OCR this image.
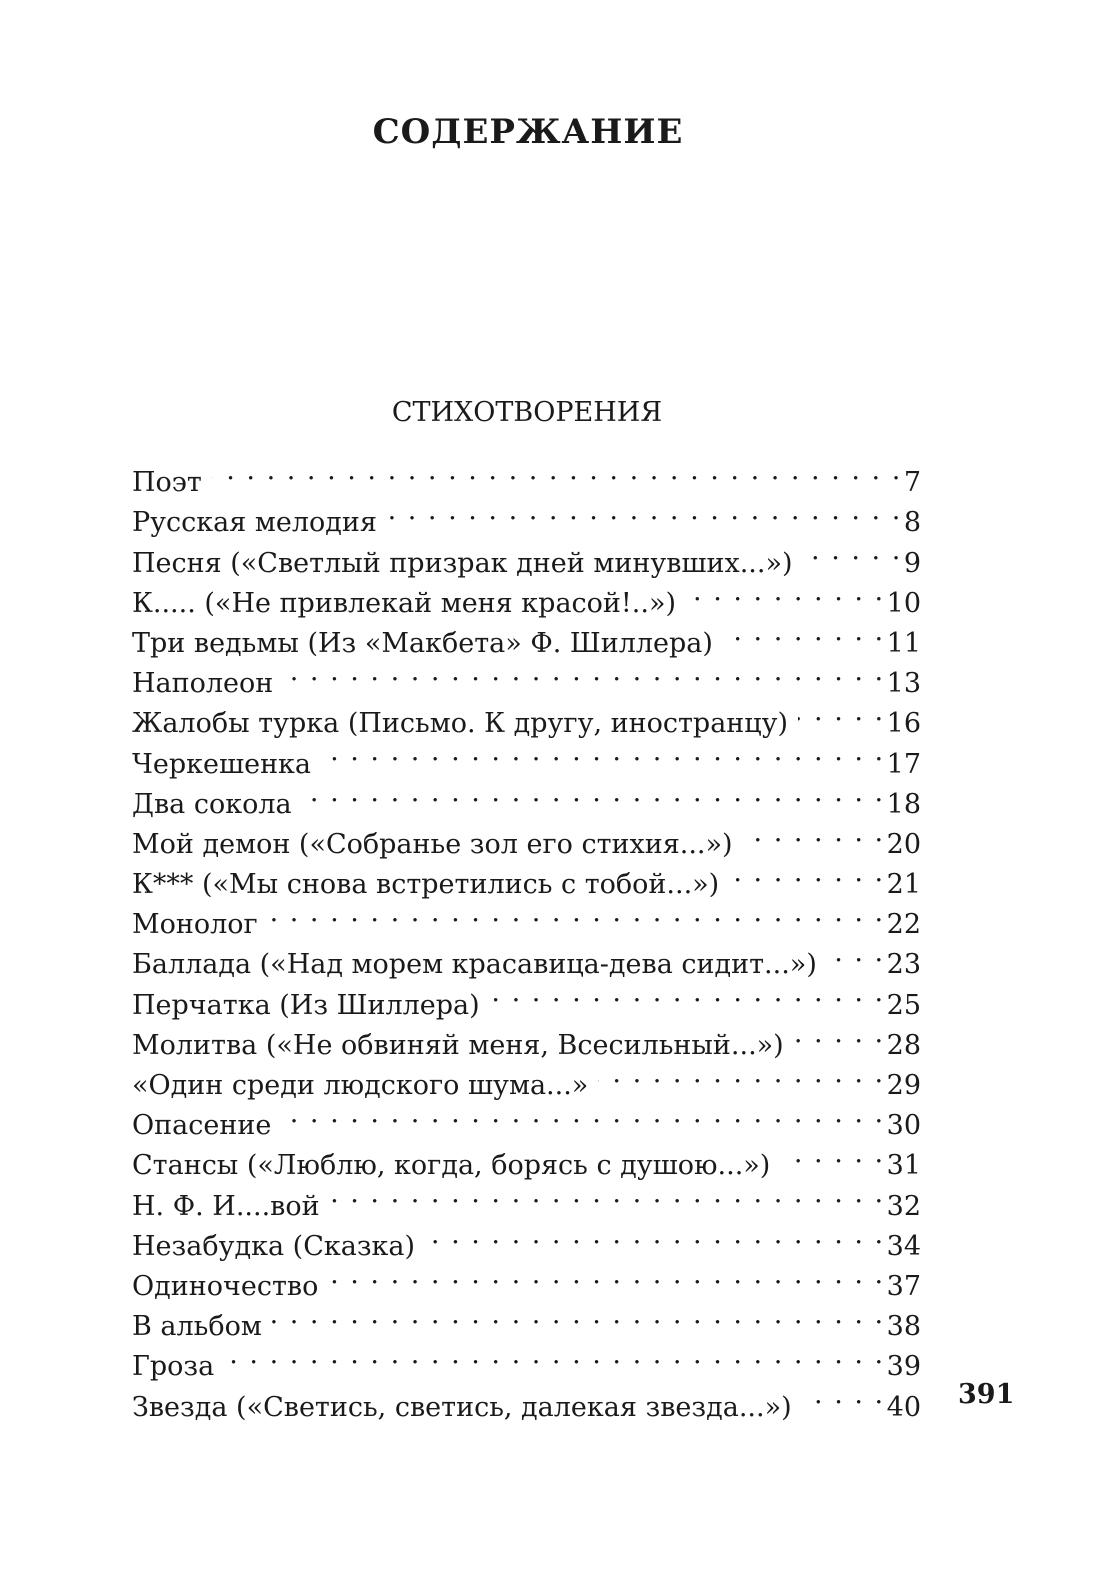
СОДЕРЖАНИЕ
СТИХОТВОРЕНИЯ
Поэт . . .	7
Русская мелодия . . .	8
Песня («Светлый призрак дней минувших...») . . .	9
К..... («Не привлекай меня красой!..») . . .	10
Три ведьмы (Из «Макбета» Ф. Шиллера) . . .	11
Наполеон . . .	13
Жалобы турка (Письмо. К другу, иностранцу) . . .	16
Черкешенка . . .	17
Два сокола . . .	18
Мой демон («Собранье зол его стихия...») . . .	20
К*** («Мы снова встретились с тобой...») . . .	21
Монолог . . .	22
Баллада («Над морем красавица-дева сидит...») . . .	23
Перчатка (Из Шиллера) . . .	25
Молитва («Не обвиняй меня, Всесильный...») . . .	28
«Один среди людского шума...» . . .	29
Опасение . . .	30
Стансы («Люблю, когда, борясь с душою...») . . .	31
Н. Ф. И....вой . . .	32
Незабудка (Сказка) . . .	34
Одиночество . . .	37
В альбом . . .	38
Гроза . . .	39
Звезда («Светись, светись, далекая звезда...») . . .	40 391
